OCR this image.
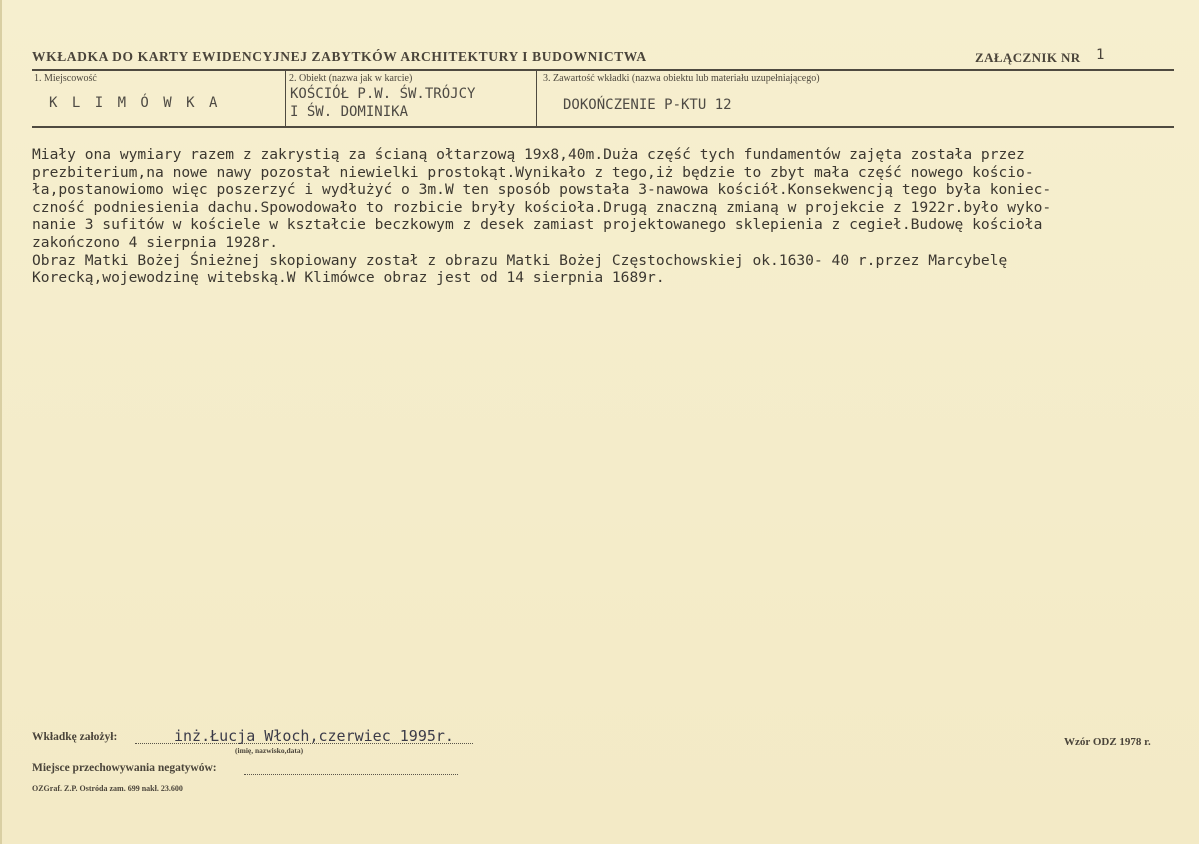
WKŁADKA DO KARTY EWIDENCYJNEJ ZABYTKÓW ARCHITEKTURY I BUDOWNICTWA	ZAŁĄCZNIK NR 1
1. Miejscowość
K L I M Ó W K A
2. Obiekt (nazwa jak w karcie)
KOŚCIÓŁ P.W. ŚW.TRÓJCY
I ŚW. DOMINIKA
3. Zawartość wkładki (nazwa obiektu lub materiału uzupełniającego)
DOKOŃCZENIE P-KTU 12
Miały ona wymiary razem z zakrystią za ścianą ołtarzową 19x8,40m.Duża część tych fundamentów zajęta została przez
prezbiterium,na nowe nawy pozostał niewielki prostokąt.Wynikało z tego,iż będzie to zbyt mała część nowego kościo-
ła,postanowiomo więc poszerzyć i wydłużyć o 3m.W ten sposób powstała 3-nawowa kościół.Konsekwencją tego była koniec-
czność podniesienia dachu.Spowodowało to rozbicie bryły kościoła.Drugą znaczną zmianą w projekcie z 1922r.było wyko-
nanie 3 sufitów w kościele w kształcie beczkowym z desek zamiast projektowanego sklepienia z cegieł.Budowę kościoła
zakończono 4 sierpnia 1928r.
Obraz Matki Bożej Śnieżnej skopiowany został z obrazu Matki Bożej Częstochowskiej ok.1630- 40 r.przez Marcybelę
Korecką,wojewodzinę witebską.W Klimówce obraz jest od 14 sierpnia 1689r.
Wkładkę założył:	inż.Łucja Włoch,czerwiec 1995r.
(imię, nazwisko,data)
Miejsce przechowywania negatywów:
Wzór ODZ 1978 r.
OZGraf. Z.P. Ostróda zam. 699 nakł. 23.600
